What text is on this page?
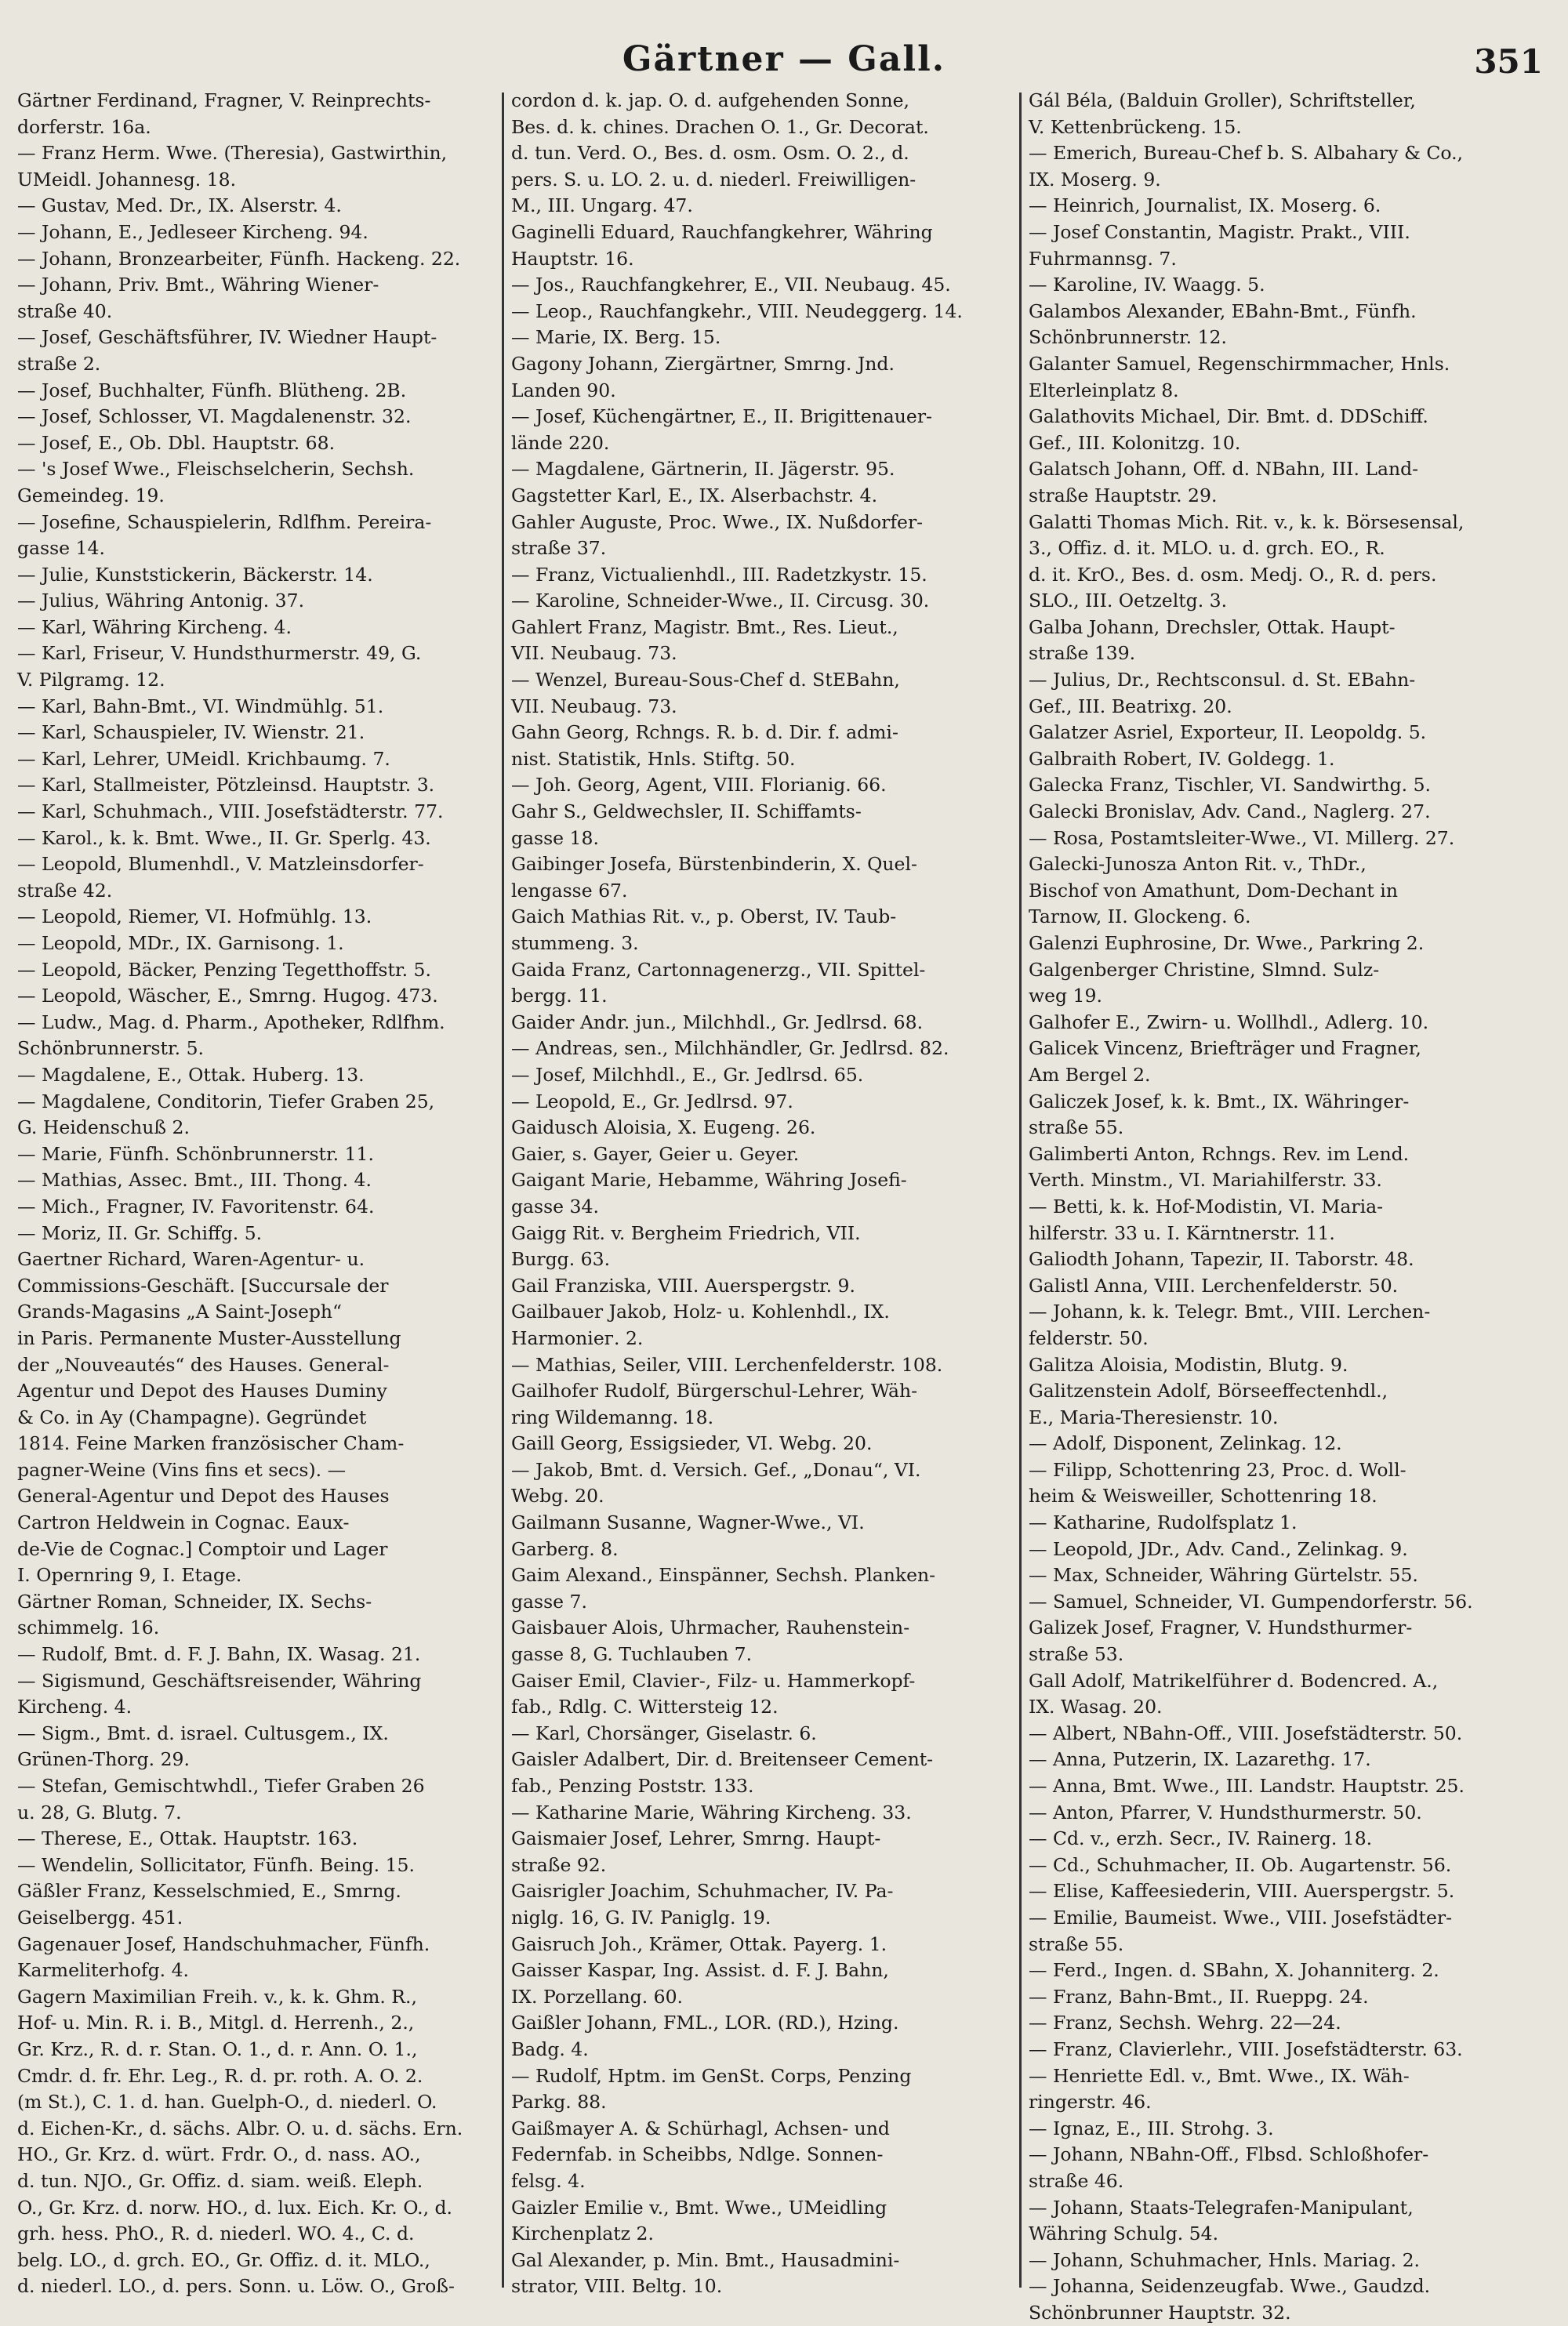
Gärtner — Gall.	351
Gärtner Ferdinand, Fragner, V. Reinprechts-
dorferstr. 16a.
— Franz Herm. Wwe. (Theresia), Gastwirthin,
UMeidl. Johannesg. 18.
— Gustav, Med. Dr., IX. Alserstr. 4.
— Johann, E., Jedleseer Kircheng. 94.
— Johann, Bronzearbeiter, Fünfh. Hackeng. 22.
— Johann, Priv. Bmt., Währing Wiener-
straße 40.
— Josef, Geschäftsführer, IV. Wiedner Haupt-
straße 2.
— Josef, Buchhalter, Fünfh. Blütheng. 2B.
— Josef, Schlosser, VI. Magdalenenstr. 32.
— Josef, E., Ob. Dbl. Hauptstr. 68.
— 's Josef Wwe., Fleischselcherin, Sechsh.
Gemeindeg. 19.
— Josefine, Schauspielerin, Rdlfhm. Pereira-
gasse 14.
— Julie, Kunststickerin, Bäckerstr. 14.
— Julius, Währing Antonig. 37.
— Karl, Währing Kircheng. 4.
— Karl, Friseur, V. Hundsthurmerstr. 49, G.
V. Pilgramg. 12.
— Karl, Bahn-Bmt., VI. Windmühlg. 51.
— Karl, Schauspieler, IV. Wienstr. 21.
— Karl, Lehrer, UMeidl. Krichbaumg. 7.
— Karl, Stallmeister, Pötzleinsd. Hauptstr. 3.
— Karl, Schuhmach., VIII. Josefstädterstr. 77.
— Karol., k. k. Bmt. Wwe., II. Gr. Sperlg. 43.
— Leopold, Blumenhdl., V. Matzleinsdorfer-
straße 42.
— Leopold, Riemer, VI. Hofmühlg. 13.
— Leopold, MDr., IX. Garnisong. 1.
— Leopold, Bäcker, Penzing Tegetthoffstr. 5.
— Leopold, Wäscher, E., Smrng. Hugog. 473.
— Ludw., Mag. d. Pharm., Apotheker, Rdlfhm.
Schönbrunnerstr. 5.
— Magdalene, E., Ottak. Huberg. 13.
— Magdalene, Conditorin, Tiefer Graben 25,
G. Heidenschuß 2.
— Marie, Fünfh. Schönbrunnerstr. 11.
— Mathias, Assec. Bmt., III. Thong. 4.
— Mich., Fragner, IV. Favoritenstr. 64.
— Moriz, II. Gr. Schiffg. 5.
Gaertner Richard, Waren-Agentur- u.
Commissions-Geschäft. [Succursale der
Grands-Magasins „A Saint-Joseph“
in Paris. Permanente Muster-Ausstellung
der „Nouveautés“ des Hauses. General-
Agentur und Depot des Hauses Duminy
& Co. in Ay (Champagne). Gegründet
1814. Feine Marken französischer Cham-
pagner-Weine (Vins fins et secs). —
General-Agentur und Depot des Hauses
Cartron Heldwein in Cognac. Eaux-
de-Vie de Cognac.] Comptoir und Lager
I. Opernring 9, I. Etage.
Gärtner Roman, Schneider, IX. Sechs-
schimmelg. 16.
— Rudolf, Bmt. d. F. J. Bahn, IX. Wasag. 21.
— Sigismund, Geschäftsreisender, Währing
Kircheng. 4.
— Sigm., Bmt. d. israel. Cultusgem., IX.
Grünen-Thorg. 29.
— Stefan, Gemischtwhdl., Tiefer Graben 26
u. 28, G. Blutg. 7.
— Therese, E., Ottak. Hauptstr. 163.
— Wendelin, Sollicitator, Fünfh. Being. 15.
Gäßler Franz, Kesselschmied, E., Smrng.
Geiselbergg. 451.
Gagenauer Josef, Handschuhmacher, Fünfh.
Karmeliterhofg. 4.
Gagern Maximilian Freih. v., k. k. Ghm. R.,
Hof- u. Min. R. i. B., Mitgl. d. Herrenh., 2.,
Gr. Krz., R. d. r. Stan. O. 1., d. r. Ann. O. 1.,
Cmdr. d. fr. Ehr. Leg., R. d. pr. roth. A. O. 2.
(m St.), C. 1. d. han. Guelph-O., d. niederl. O.
d. Eichen-Kr., d. sächs. Albr. O. u. d. sächs. Ern.
HO., Gr. Krz. d. würt. Frdr. O., d. nass. AO.,
d. tun. NJO., Gr. Offiz. d. siam. weiß. Eleph.
O., Gr. Krz. d. norw. HO., d. lux. Eich. Kr. O., d.
grh. hess. PhO., R. d. niederl. WO. 4., C. d.
belg. LO., d. grch. EO., Gr. Offiz. d. it. MLO.,
d. niederl. LO., d. pers. Sonn. u. Löw. O., Groß-
cordon d. k. jap. O. d. aufgehenden Sonne,
Bes. d. k. chines. Drachen O. 1., Gr. Decorat.
d. tun. Verd. O., Bes. d. osm. Osm. O. 2., d.
pers. S. u. LO. 2. u. d. niederl. Freiwilligen-
M., III. Ungarg. 47.
Gaginelli Eduard, Rauchfangkehrer, Währing
Hauptstr. 16.
— Jos., Rauchfangkehrer, E., VII. Neubaug. 45.
— Leop., Rauchfangkehr., VIII. Neudeggerg. 14.
— Marie, IX. Berg. 15.
Gagony Johann, Ziergärtner, Smrng. Jnd.
Landen 90.
— Josef, Küchengärtner, E., II. Brigittenauer-
lände 220.
— Magdalene, Gärtnerin, II. Jägerstr. 95.
Gagstetter Karl, E., IX. Alserbachstr. 4.
Gahler Auguste, Proc. Wwe., IX. Nußdorfer-
straße 37.
— Franz, Victualienhdl., III. Radetzkystr. 15.
— Karoline, Schneider-Wwe., II. Circusg. 30.
Gahlert Franz, Magistr. Bmt., Res. Lieut.,
VII. Neubaug. 73.
— Wenzel, Bureau-Sous-Chef d. StEBahn,
VII. Neubaug. 73.
Gahn Georg, Rchngs. R. b. d. Dir. f. admi-
nist. Statistik, Hnls. Stiftg. 50.
— Joh. Georg, Agent, VIII. Florianig. 66.
Gahr S., Geldwechsler, II. Schiffamts-
gasse 18.
Gaibinger Josefa, Bürstenbinderin, X. Quel-
lengasse 67.
Gaich Mathias Rit. v., p. Oberst, IV. Taub-
stummeng. 3.
Gaida Franz, Cartonnagenerzg., VII. Spittel-
bergg. 11.
Gaider Andr. jun., Milchhdl., Gr. Jedlrsd. 68.
— Andreas, sen., Milchhändler, Gr. Jedlrsd. 82.
— Josef, Milchhdl., E., Gr. Jedlrsd. 65.
— Leopold, E., Gr. Jedlrsd. 97.
Gaidusch Aloisia, X. Eugeng. 26.
Gaier, s. Gayer, Geier u. Geyer.
Gaigant Marie, Hebamme, Währing Josefi-
gasse 34.
Gaigg Rit. v. Bergheim Friedrich, VII.
Burgg. 63.
Gail Franziska, VIII. Auerspergstr. 9.
Gailbauer Jakob, Holz- u. Kohlenhdl., IX.
Harmoniег. 2.
— Mathias, Seiler, VIII. Lerchenfelderstr. 108.
Gailhofer Rudolf, Bürgerschul-Lehrer, Wäh-
ring Wildemanng. 18.
Gaill Georg, Essigsieder, VI. Webg. 20.
— Jakob, Bmt. d. Versich. Gef., „Donau“, VI.
Webg. 20.
Gailmann Susanne, Wagner-Wwe., VI.
Garberg. 8.
Gaim Alexand., Einspänner, Sechsh. Planken-
gasse 7.
Gaisbauer Alois, Uhrmacher, Rauhenstein-
gasse 8, G. Tuchlauben 7.
Gaiser Emil, Clavier-, Filz- u. Hammerkopf-
fab., Rdlg. C. Wittersteig 12.
— Karl, Chorsänger, Giselastr. 6.
Gaisler Adalbert, Dir. d. Breitenseer Cement-
fab., Penzing Poststr. 133.
— Katharine Marie, Währing Kircheng. 33.
Gaismaier Josef, Lehrer, Smrng. Haupt-
straße 92.
Gaisrigler Joachim, Schuhmacher, IV. Pa-
niglg. 16, G. IV. Paniglg. 19.
Gaisruch Joh., Krämer, Ottak. Payerg. 1.
Gaisser Kaspar, Ing. Assist. d. F. J. Bahn,
IX. Porzellang. 60.
Gaißler Johann, FML., LOR. (RD.), Hzing.
Badg. 4.
— Rudolf, Hptm. im GenSt. Corps, Penzing
Parkg. 88.
Gaißmayer A. & Schürhagl, Achsen- und
Federnfab. in Scheibbs, Ndlge. Sonnen-
felsg. 4.
Gaizler Emilie v., Bmt. Wwe., UMeidling
Kirchenplatz 2.
Gal Alexander, p. Min. Bmt., Hausadmini-
strator, VIII. Beltg. 10.
Gál Béla, (Balduin Groller), Schriftsteller,
V. Kettenbrückeng. 15.
— Emerich, Bureau-Chef b. S. Albahary & Co.,
IX. Moserg. 9.
— Heinrich, Journalist, IX. Moserg. 6.
— Josef Constantin, Magistr. Prakt., VIII.
Fuhrmannsg. 7.
— Karoline, IV. Waagg. 5.
Galambos Alexander, EBahn-Bmt., Fünfh.
Schönbrunnerstr. 12.
Galanter Samuel, Regenschirmmacher, Hnls.
Elterleinplatz 8.
Galathovits Michael, Dir. Bmt. d. DDSchiff.
Gef., III. Kolonitzg. 10.
Galatsch Johann, Off. d. NBahn, III. Land-
straße Hauptstr. 29.
Galatti Thomas Mich. Rit. v., k. k. Börsesensal,
3., Offiz. d. it. MLO. u. d. grch. EO., R.
d. it. KrO., Bes. d. osm. Medj. O., R. d. pers.
SLO., III. Oetzeltg. 3.
Galba Johann, Drechsler, Ottak. Haupt-
straße 139.
— Julius, Dr., Rechtsconsul. d. St. EBahn-
Gef., III. Beatrixg. 20.
Galatzer Asriel, Exporteur, II. Leopoldg. 5.
Galbraith Robert, IV. Goldegg. 1.
Galecka Franz, Tischler, VI. Sandwirthg. 5.
Galecki Bronislav, Adv. Cand., Naglerg. 27.
— Rosa, Postamtsleiter-Wwe., VI. Millerg. 27.
Galecki-Junosza Anton Rit. v., ThDr.,
Bischof von Amathunt, Dom-Dechant in
Tarnow, II. Glockeng. 6.
Galenzi Euphrosine, Dr. Wwe., Parkring 2.
Galgenberger Christine, Slmnd. Sulz-
weg 19.
Galhofer E., Zwirn- u. Wollhdl., Adlerg. 10.
Galicek Vincenz, Briefträger und Fragner,
Am Bergel 2.
Galiczek Josef, k. k. Bmt., IX. Währinger-
straße 55.
Galimberti Anton, Rchngs. Rev. im Lend.
Verth. Minstm., VI. Mariahilferstr. 33.
— Betti, k. k. Hof-Modistin, VI. Maria-
hilferstr. 33 u. I. Kärntnerstr. 11.
Galiodth Johann, Tapezir, II. Taborstr. 48.
Galistl Anna, VIII. Lerchenfelderstr. 50.
— Johann, k. k. Telegr. Bmt., VIII. Lerchen-
felderstr. 50.
Galitza Aloisia, Modistin, Blutg. 9.
Galitzenstein Adolf, Börseeffectenhdl.,
E., Maria-Theresienstr. 10.
— Adolf, Disponent, Zelinkag. 12.
— Filipp, Schottenring 23, Proc. d. Woll-
heim & Weisweiller, Schottenring 18.
— Katharine, Rudolfsplatz 1.
— Leopold, JDr., Adv. Cand., Zelinkag. 9.
— Max, Schneider, Währing Gürtelstr. 55.
— Samuel, Schneider, VI. Gumpendorferstr. 56.
Galizek Josef, Fragner, V. Hundsthurmer-
straße 53.
Gall Adolf, Matrikelführer d. Bodencred. A.,
IX. Wasag. 20.
— Albert, NBahn-Off., VIII. Josefstädterstr. 50.
— Anna, Putzerin, IX. Lazarethg. 17.
— Anna, Bmt. Wwe., III. Landstr. Hauptstr. 25.
— Anton, Pfarrer, V. Hundsthurmerstr. 50.
— Cd. v., erzh. Secr., IV. Rainerg. 18.
— Cd., Schuhmacher, II. Ob. Augartenstr. 56.
— Elise, Kaffeesiederin, VIII. Auerspergstr. 5.
— Emilie, Baumeist. Wwe., VIII. Josefstädter-
straße 55.
— Ferd., Ingen. d. SBahn, X. Johanniterg. 2.
— Franz, Bahn-Bmt., II. Rueppg. 24.
— Franz, Sechsh. Wehrg. 22—24.
— Franz, Clavierlehr., VIII. Josefstädterstr. 63.
— Henriette Edl. v., Bmt. Wwe., IX. Wäh-
ringerstr. 46.
— Ignaz, E., III. Strohg. 3.
— Johann, NBahn-Off., Flbsd. Schloßhofer-
straße 46.
— Johann, Staats-Telegrafen-Manipulant,
Währing Schulg. 54.
— Johann, Schuhmacher, Hnls. Mariag. 2.
— Johanna, Seidenzeugfab. Wwe., Gaudzd.
Schönbrunner Hauptstr. 32.
